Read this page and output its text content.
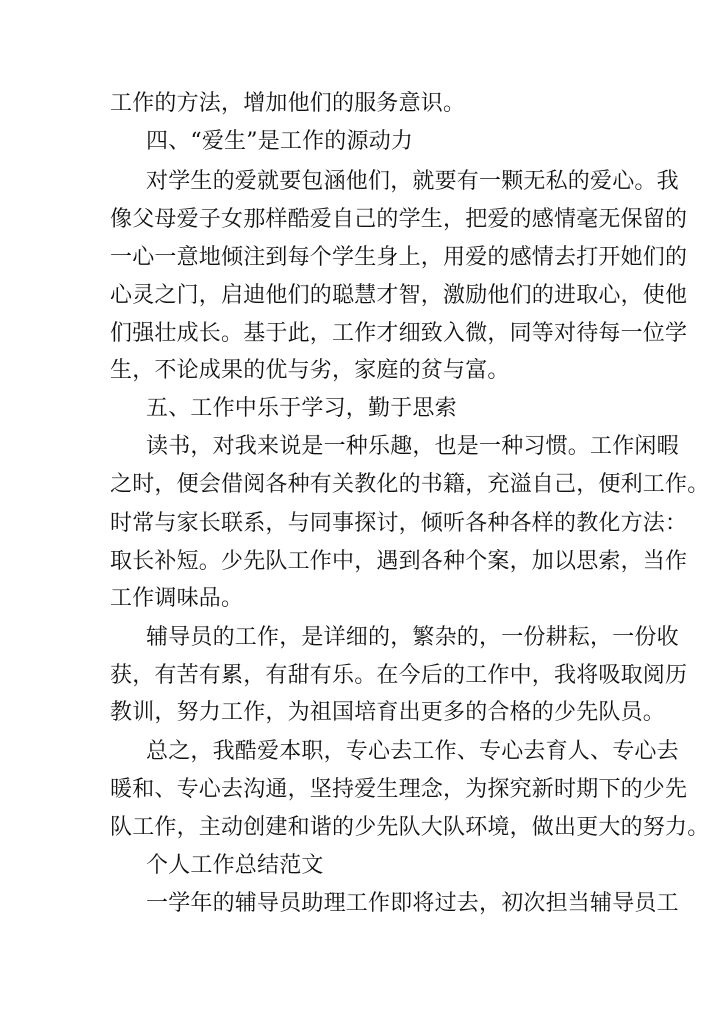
工作的方法，增加他们的服务意识。
四、“爱生”是工作的源动力
对学生的爱就要包涵他们，就要有一颗无私的爱心。我
像父母爱子女那样酷爱自己的学生，把爱的感情毫无保留的
一心一意地倾注到每个学生身上，用爱的感情去打开她们的
心灵之门，启迪他们的聪慧才智，激励他们的进取心，使他
们强壮成长。基于此，工作才细致入微，同等对待每一位学
生，不论成果的优与劣，家庭的贫与富。
五、工作中乐于学习，勤于思索
读书，对我来说是一种乐趣，也是一种习惯。工作闲暇
之时，便会借阅各种有关教化的书籍，充溢自己，便利工作。
时常与家长联系，与同事探讨，倾听各种各样的教化方法：
取长补短。少先队工作中，遇到各种个案，加以思索，当作
工作调味品。
辅导员的工作，是详细的，繁杂的，一份耕耘，一份收
获，有苦有累，有甜有乐。在今后的工作中，我将吸取阅历
教训，努力工作，为祖国培育出更多的合格的少先队员。
总之，我酷爱本职，专心去工作、专心去育人、专心去
暖和、专心去沟通，坚持爱生理念，为探究新时期下的少先
队工作，主动创建和谐的少先队大队环境，做出更大的努力。
个人工作总结范文
一学年的辅导员助理工作即将过去，初次担当辅导员工
